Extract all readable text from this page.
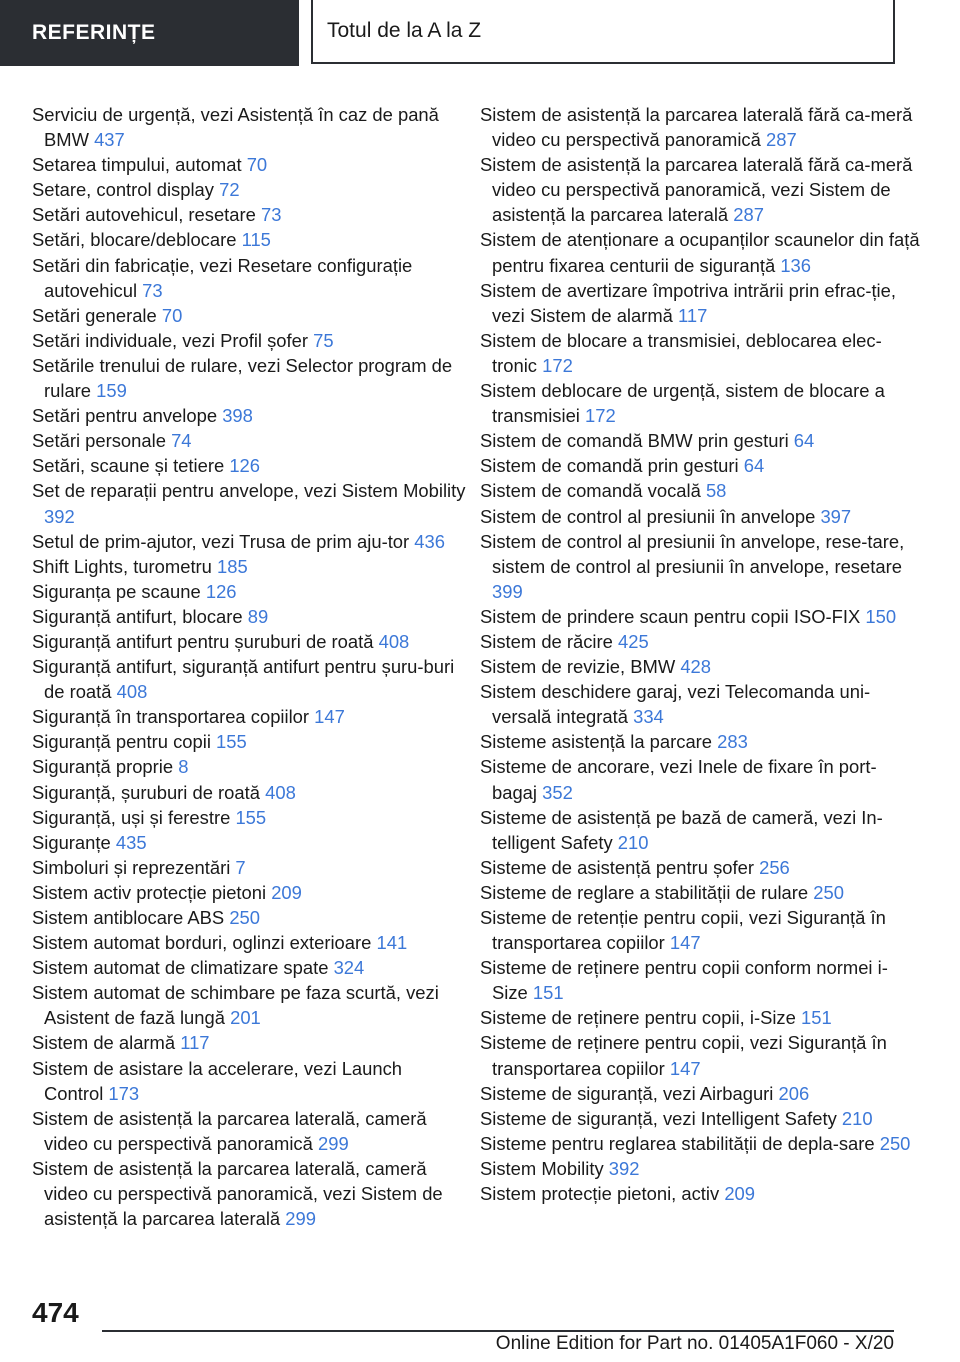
REFERINȚE	Totul de la A la Z

Serviciu de urgență, vezi Asistență în caz de pană BMW 437

Setarea timpului, automat 70

Setare, control display 72

Setări autovehicul, resetare 73

Setări, blocare/deblocare 115

Setări din fabricație, vezi Resetare configurație autovehicul 73

Setări generale 70

Setări individuale, vezi Profil șofer 75

Setările trenului de rulare, vezi Selector program de rulare 159

Setări pentru anvelope 398

Setări personale 74

Setări, scaune și tetiere 126

Set de reparații pentru anvelope, vezi Sistem Mobility 392

Setul de prim-ajutor, vezi Trusa de prim aju-tor 436

Shift Lights, turometru 185

Siguranța pe scaune 126

Siguranță antifurt, blocare 89

Siguranță antifurt pentru șuruburi de roată 408

Siguranță antifurt, siguranță antifurt pentru șuru-buri de roată 408

Siguranță în transportarea copiilor 147

Siguranță pentru copii 155

Siguranță proprie 8

Siguranță, șuruburi de roată 408

Siguranță, uși și ferestre 155

Siguranțe 435

Simboluri și reprezentări 7

Sistem activ protecție pietoni 209

Sistem antiblocare ABS 250

Sistem automat borduri, oglinzi exterioare 141

Sistem automat de climatizare spate 324

Sistem automat de schimbare pe faza scurtă, vezi Asistent de fază lungă 201

Sistem de alarmă 117

Sistem de asistare la accelerare, vezi Launch Control 173

Sistem de asistență la parcarea laterală, cameră video cu perspectivă panoramică 299

Sistem de asistență la parcarea laterală, cameră video cu perspectivă panoramică, vezi Sistem de asistență la parcarea laterală 299

Sistem de asistență la parcarea laterală fără ca-meră video cu perspectivă panoramică 287

Sistem de asistență la parcarea laterală fără ca-meră video cu perspectivă panoramică, vezi Sistem de asistență la parcarea laterală 287

Sistem de atenționare a ocupanților scaunelor din față pentru fixarea centurii de siguranță 136

Sistem de avertizare împotriva intrării prin efrac-ție, vezi Sistem de alarmă 117

Sistem de blocare a transmisiei, deblocarea elec-tronic 172

Sistem deblocare de urgență, sistem de blocare a transmisiei 172

Sistem de comandă BMW prin gesturi 64

Sistem de comandă prin gesturi 64

Sistem de comandă vocală 58

Sistem de control al presiunii în anvelope 397

Sistem de control al presiunii în anvelope, rese-tare, sistem de control al presiunii în anvelope, resetare 399

Sistem de prindere scaun pentru copii ISO-FIX 150

Sistem de răcire 425

Sistem de revizie, BMW 428

Sistem deschidere garaj, vezi Telecomanda uni-versală integrată 334

Sisteme asistență la parcare 283

Sisteme de ancorare, vezi Inele de fixare în port-bagaj 352

Sisteme de asistență pe bază de cameră, vezi In-telligent Safety 210

Sisteme de asistență pentru șofer 256

Sisteme de reglare a stabilității de rulare 250

Sisteme de retenție pentru copii, vezi Siguranță în transportarea copiilor 147

Sisteme de reținere pentru copii conform normei i-Size 151

Sisteme de reținere pentru copii, i-Size 151

Sisteme de reținere pentru copii, vezi Siguranță în transportarea copiilor 147

Sisteme de siguranță, vezi Airbaguri 206

Sisteme de siguranță, vezi Intelligent Safety 210

Sisteme pentru reglarea stabilității de depla-sare 250

Sistem Mobility 392

Sistem protecție pietoni, activ 209

474
Online Edition for Part no. 01405A1F060 - X/20
